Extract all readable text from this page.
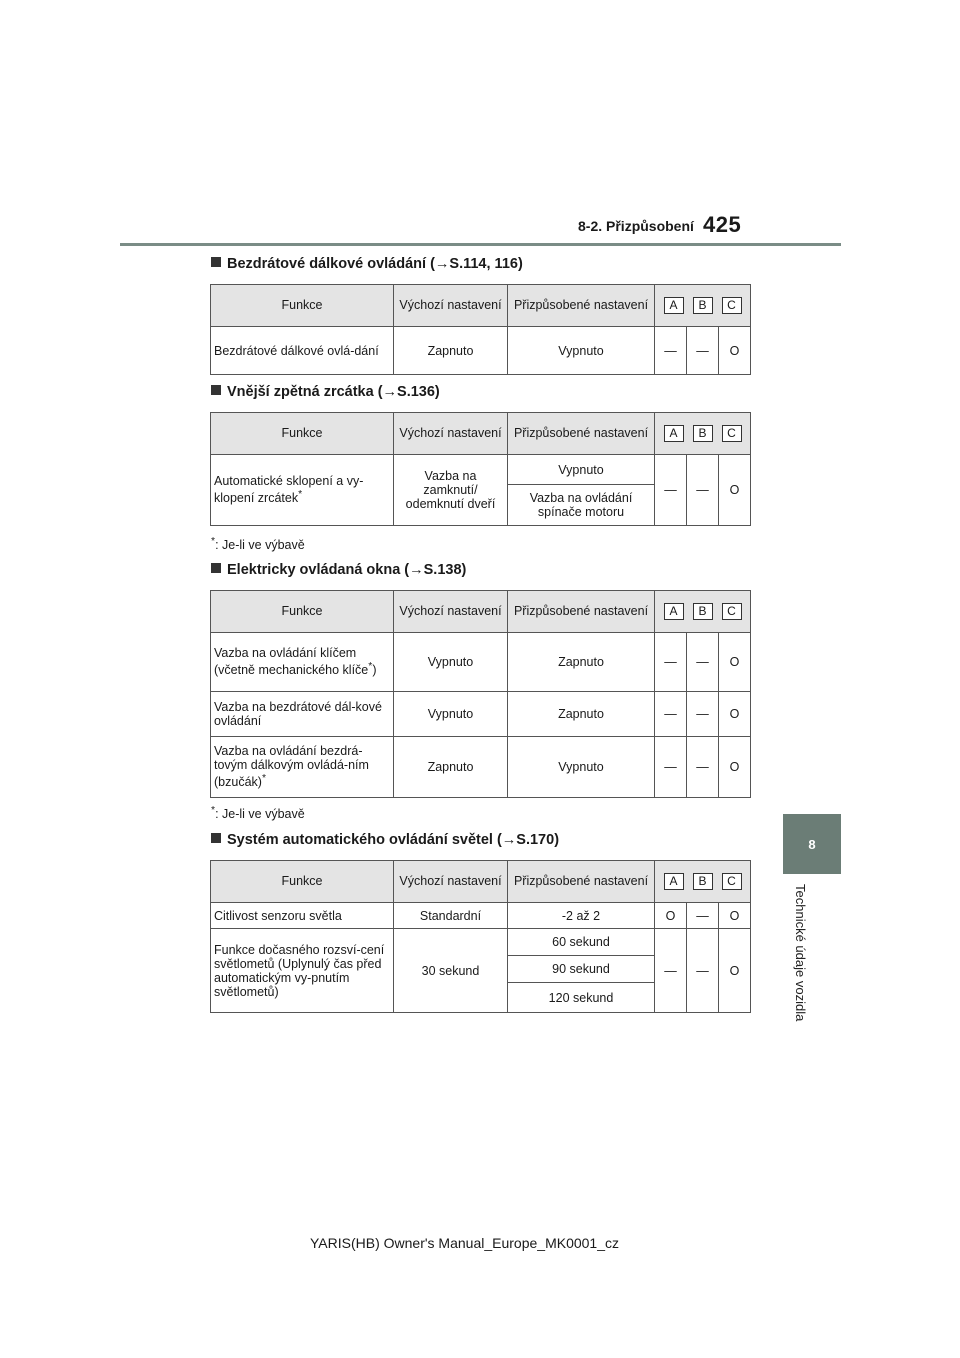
8-2. Přizpůsobení 425
8
Technické údaje vozidla
Bezdrátové dálkové ovládání (→S.114, 116)
Funkce	Výchozí nastavení	Přizpůsobené nastavení	A B C		

Bezdrátové dálkové ovlá-dání	Zapnuto	Vypnuto	—	—	O
Vnější zpětná zrcátka (→S.136)
Funkce	Výchozí nastavení	Přizpůsobené nastavení	A B C		

Automatické sklopení a vy-klopení zrcátek*	Vazba na zamknutí/ odemknutí dveří	Vypnuto	—	—	O
		Vazba na ovládání spínače motoru			
*: Je-li ve výbavě
Elektricky ovládaná okna (→S.138)
Funkce	Výchozí nastavení	Přizpůsobené nastavení	A B C		

Vazba na ovládání klíčem (včetně mechanického klíče*)	Vypnuto	Zapnuto	—	—	O
Vazba na bezdrátové dál-kové ovládání	Vypnuto	Zapnuto	—	—	O
Vazba na ovládání bezdrá-tovým dálkovým ovládá-ním (bzučák)*	Zapnuto	Vypnuto	—	—	O
*: Je-li ve výbavě
Systém automatického ovládání světel (→S.170)
Funkce	Výchozí nastavení	Přizpůsobené nastavení	A B C		

Citlivost senzoru světla	Standardní	-2 až 2	O	—	O
Funkce dočasného rozsví-cení světlometů (Uplynulý čas před automatickým vy-pnutím světlometů)	30 sekund	60 sekund	—	—	O
		90 sekund			
		120 sekund			
YARIS(HB) Owner's Manual_Europe_MK0001_cz
